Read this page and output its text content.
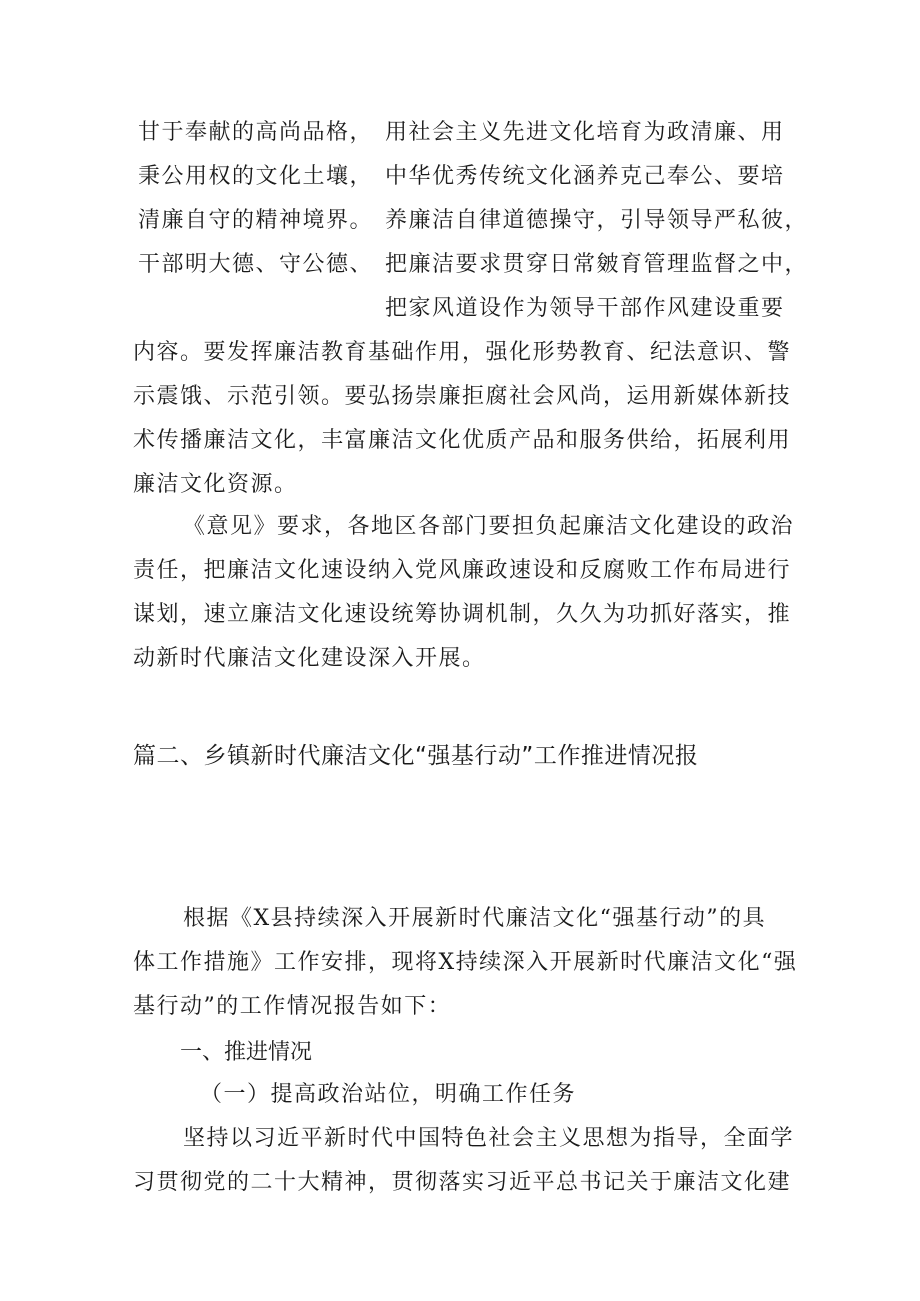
甘于奉献的高尚品格，
秉公用权的文化土壤，
清廉自守的精神境界。
干部明大德、守公德、
用社会主义先进文化培育为政清廉、用
中华优秀传统文化涵养克己奉公、要培
养廉洁自律道德操守，引导领导严私彼，
把廉洁要求贯穿日常皴育管理监督之中，
把家风道设作为领导干部作风建设重要
内容。要发挥廉洁教育基础作用，强化形势教育、纪法意识、警
示震饿、示范引领。要弘扬崇廉拒腐社会风尚，运用新媒体新技
术传播廉洁文化，丰富廉洁文化优质产品和服务供给，拓展利用
廉洁文化资源。
《意见》要求，各地区各部门要担负起廉洁文化建设的政治
责任，把廉洁文化速设纳入党风廉政速设和反腐败工作布局进行
谋划，速立廉洁文化速设统筹协调机制，久久为功抓好落实，推
动新时代廉洁文化建设深入开展。
篇二、乡镇新时代廉洁文化“强基行动”工作推进情况报
根据《X县持续深入开展新时代廉洁文化“强基行动”的具
体工作措施》工作安排，现将X持续深入开展新时代廉洁文化“强
基行动”的工作情况报告如下：
一、推进情况
（一）提高政治站位，明确工作任务
坚持以习近平新时代中国特色社会主义思想为指导，全面学
习贯彻党的二十大精神，贯彻落实习近平总书记关于廉洁文化建
